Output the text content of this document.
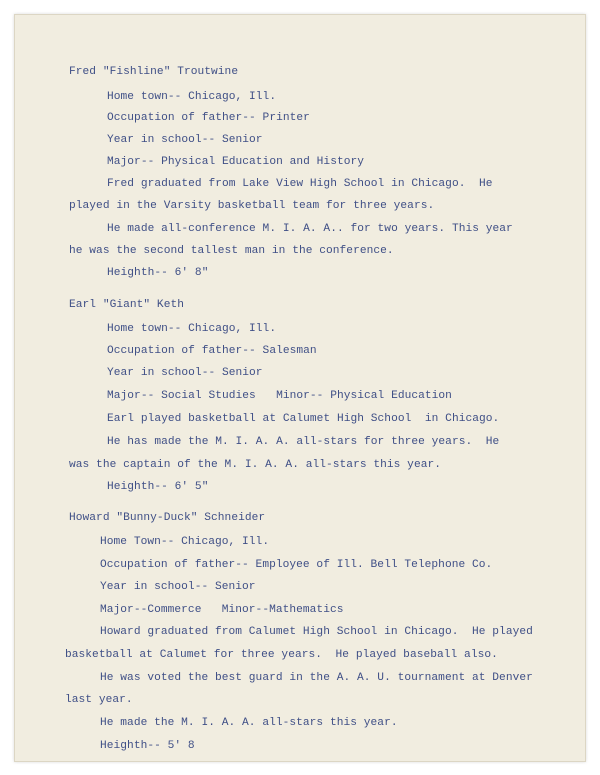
Fred "Fishline" Troutwine
Home town-- Chicago, Ill.
Occupation of father-- Printer
Year in school-- Senior
Major-- Physical Education and History
Fred graduated from Lake View High School in Chicago.  He
played in the Varsity basketball team for three years.
He made all-conference M. I. A. A.. for two years. This year
he was the second tallest man in the conference.
Heighth-- 6' 8"
Earl "Giant" Keth
Home town-- Chicago, Ill.
Occupation of father-- Salesman
Year in school-- Senior
Major-- Social Studies   Minor-- Physical Education
Earl played basketball at Calumet High School  in Chicago.
He has made the M. I. A. A. all-stars for three years.  He
was the captain of the M. I. A. A. all-stars this year.
Heighth-- 6' 5"
Howard "Bunny-Duck" Schneider
Home Town-- Chicago, Ill.
Occupation of father-- Employee of Ill. Bell Telephone Co.
Year in school-- Senior
Major--Commerce   Minor--Mathematics
Howard graduated from Calumet High School in Chicago.  He played
basketball at Calumet for three years.  He played baseball also.
He was voted the best guard in the A. A. U. tournament at Denver
last year.
He made the M. I. A. A. all-stars this year.
Heighth-- 5' 8
